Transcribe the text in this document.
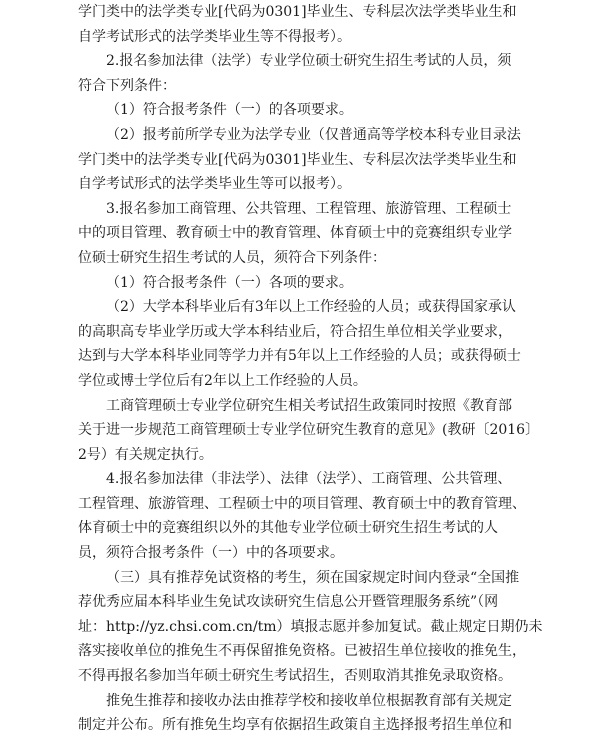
学门类中的法学类专业[代码为0301]毕业生、专科层次法学类毕业生和
自学考试形式的法学类毕业生等不得报考）。
2.报名参加法律（法学）专业学位硕士研究生招生考试的人员，须
符合下列条件：
（1）符合报考条件（一）的各项要求。
（2）报考前所学专业为法学专业（仅普通高等学校本科专业目录法
学门类中的法学类专业[代码为0301]毕业生、专科层次法学类毕业生和
自学考试形式的法学类毕业生等可以报考）。
3.报名参加工商管理、公共管理、工程管理、旅游管理、工程硕士
中的项目管理、教育硕士中的教育管理、体育硕士中的竞赛组织专业学
位硕士研究生招生考试的人员，须符合下列条件：
（1）符合报考条件（一）各项的要求。
（2）大学本科毕业后有3年以上工作经验的人员；或获得国家承认
的高职高专毕业学历或大学本科结业后，符合招生单位相关学业要求，
达到与大学本科毕业同等学力并有5年以上工作经验的人员；或获得硕士
学位或博士学位后有2年以上工作经验的人员。
工商管理硕士专业学位研究生相关考试招生政策同时按照《教育部
关于进一步规范工商管理硕士专业学位研究生教育的意见》(教研〔2016〕
2号）有关规定执行。
4.报名参加法律（非法学）、法律（法学）、工商管理、公共管理、
工程管理、旅游管理、工程硕士中的项目管理、教育硕士中的教育管理、
体育硕士中的竞赛组织以外的其他专业学位硕士研究生招生考试的人
员，须符合报考条件（一）中的各项要求。
（三）具有推荐免试资格的考生，须在国家规定时间内登录“全国推
荐优秀应届本科毕业生免试攻读研究生信息公开暨管理服务系统”（网
址：http://yz.chsi.com.cn/tm）填报志愿并参加复试。截止规定日期仍未
落实接收单位的推免生不再保留推免资格。已被招生单位接收的推免生，
不得再报名参加当年硕士研究生考试招生，否则取消其推免录取资格。
推免生推荐和接收办法由推荐学校和接收单位根据教育部有关规定
制定并公布。所有推免生均享有依据招生政策自主选择报考招生单位和
